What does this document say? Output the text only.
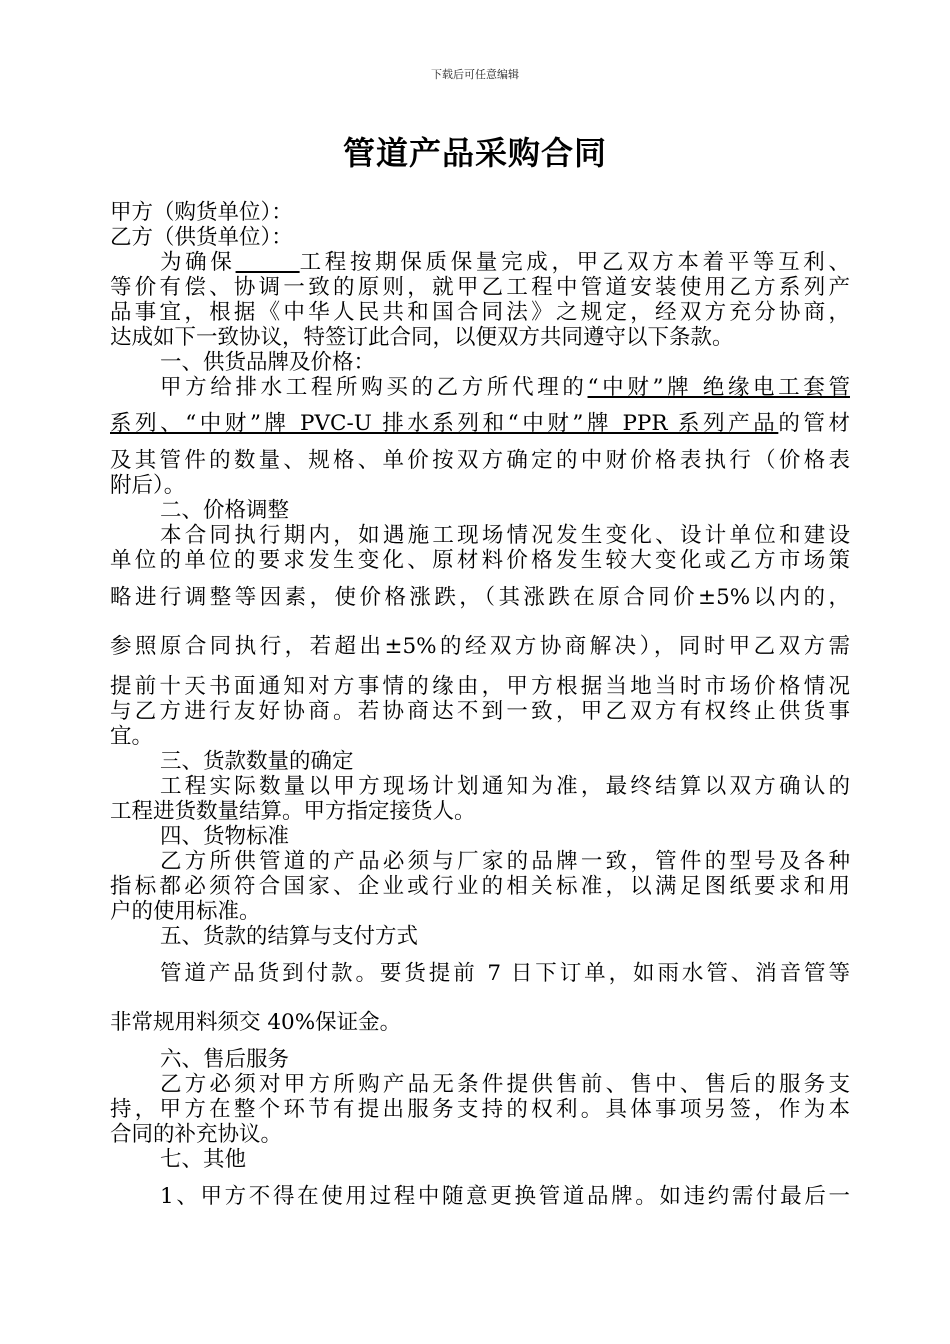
下载后可任意编辑
管道产品采购合同
甲方（购货单位）：
乙方（供货单位）：
为确保  	工程按期保质保量完成，甲乙双方本着平等互利、
等价有偿、协调一致的原则，就甲乙工程中管道安装使用乙方系列产
品事宜，根据《中华人民共和国合同法》之规定，经双方充分协商，
达成如下一致协议，特签订此合同，以便双方共同遵守以下条款。
一、供货品牌及价格：
甲方给排水工程所购买的乙方所代理的“中财”牌 绝缘电工套管
系列、“中财”牌 PVC-U 排水系列和“中财”牌 PPR 系列产品的管材
及其管件的数量、规格、单价按双方确定的中财价格表执行（价格表
附后）。
二、价格调整
本合同执行期内，如遇施工现场情况发生变化、设计单位和建设
单位的单位的要求发生变化、原材料价格发生较大变化或乙方市场策
略进行调整等因素，使价格涨跌，（其涨跌在原合同价±5%以内的，
参照原合同执行，若超出±5%的经双方协商解决），同时甲乙双方需
提前十天书面通知对方事情的缘由，甲方根据当地当时市场价格情况
与乙方进行友好协商。若协商达不到一致，甲乙双方有权终止供货事
宜。
三、货款数量的确定
工程实际数量以甲方现场计划通知为准，最终结算以双方确认的
工程进货数量结算。甲方指定接货人。
四、货物标准
乙方所供管道的产品必须与厂家的品牌一致，管件的型号及各种
指标都必须符合国家、企业或行业的相关标准，以满足图纸要求和用
户的使用标准。
五、货款的结算与支付方式
管道产品货到付款。要货提前 7 日下订单，如雨水管、消音管等
非常规用料须交 40%保证金。
六、售后服务
乙方必须对甲方所购产品无条件提供售前、售中、售后的服务支
持，甲方在整个环节有提出服务支持的权利。具体事项另签，作为本
合同的补充协议。
七、其他
1、甲方不得在使用过程中随意更换管道品牌。如违约需付最后一
